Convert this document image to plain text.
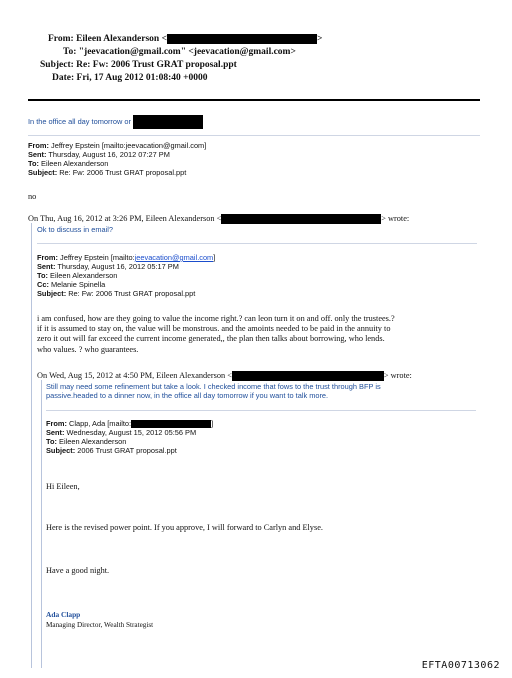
From: Eileen Alexanderson <	>
To: "jeevacation@gmail.com" <jeevacation@gmail.com>
Subject: Re: Fw: 2006 Trust GRAT proposal.ppt
Date: Fri, 17 Aug 2012 01:08:40 +0000
In the office all day tomorrow or
From: Jeffrey Epstein [mailto:jeevacation@gmail.com]
Sent: Thursday, August 16, 2012 07:27 PM
To: Eileen Alexanderson
Subject: Re: Fw: 2006 Trust GRAT proposal.ppt
no
On Thu, Aug 16, 2012 at 3:26 PM, Eileen Alexanderson <	> wrote:
Ok to discuss in email?
From: Jeffrey Epstein [mailto:jeevacation@gmail.com]
Sent: Thursday, August 16, 2012 05:17 PM
To: Eileen Alexanderson
Cc: Melanie Spinella
Subject: Re: Fw: 2006 Trust GRAT proposal.ppt
i am confused, how are they going to value the income right.? can leon turn it on and off. only the trustees.?
if it is assumed to stay on, the value will be monstrous. and the amoints needed to be paid in the annuity to
zero it out will far exceed the current income generated,, the plan then talks about borrowing, who lends.
who values. ? who guarantees.
On Wed, Aug 15, 2012 at 4:50 PM, Eileen Alexanderson <	> wrote:
Still may need some refinement but take a look. I checked income that fows to the trust through BFP is
passive.headed to a dinner now, in the office all day tomorrow if you want to talk more.
From: Clapp, Ada [mailto:	]
Sent: Wednesday, August 15, 2012 05:56 PM
To: Eileen Alexanderson
Subject: 2006 Trust GRAT proposal.ppt
Hi Eileen,
Here is the revised power point. If you approve, I will forward to Carlyn and Elyse.
Have a good night.
Ada Clapp
Managing Director, Wealth Strategist
EFTA00713062
